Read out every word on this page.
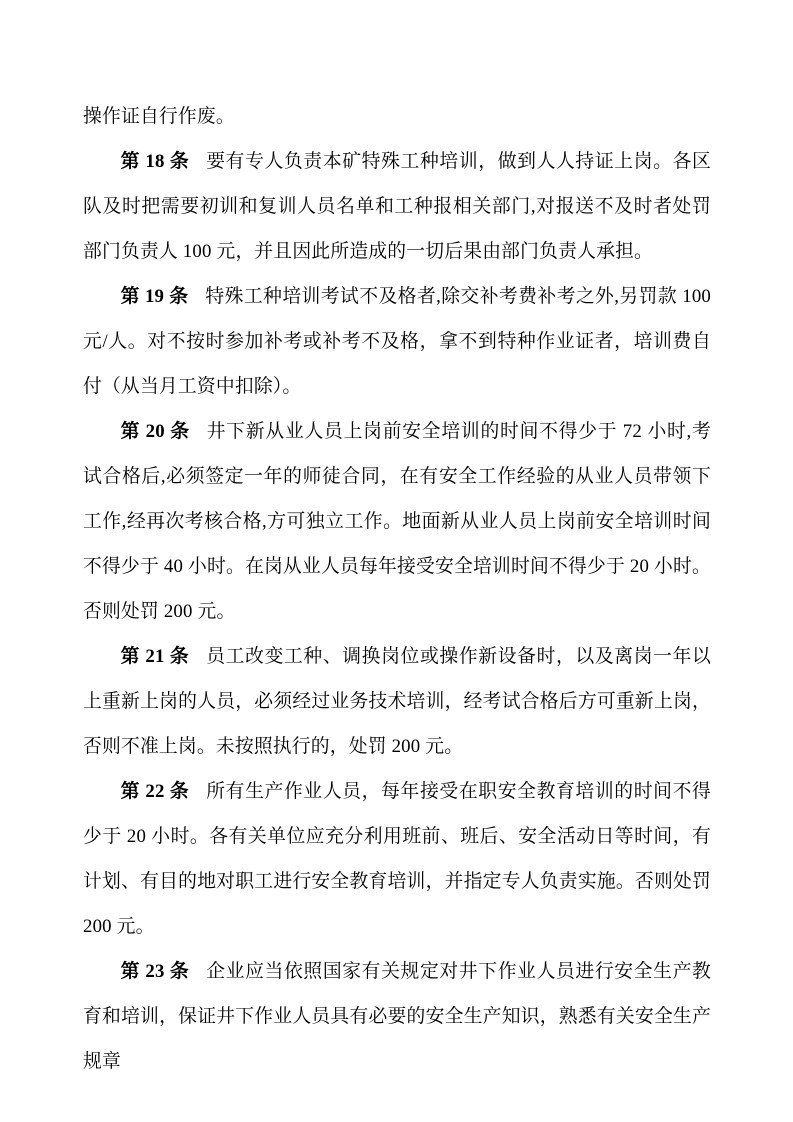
操作证自行作废。

第 18 条 要有专人负责本矿特殊工种培训，做到人人持证上岗。各区队及时把需要初训和复训人员名单和工种报相关部门,对报送不及时者处罚部门负责人 100 元，并且因此所造成的一切后果由部门负责人承担。

第 19 条 特殊工种培训考试不及格者,除交补考费补考之外,另罚款 100 元/人。对不按时参加补考或补考不及格，拿不到特种作业证者，培训费自付（从当月工资中扣除）。

第 20 条 井下新从业人员上岗前安全培训的时间不得少于 72 小时,考试合格后,必须签定一年的师徒合同，在有安全工作经验的从业人员带领下工作,经再次考核合格,方可独立工作。地面新从业人员上岗前安全培训时间不得少于 40 小时。在岗从业人员每年接受安全培训时间不得少于 20 小时。否则处罚 200 元。

第 21 条 员工改变工种、调换岗位或操作新设备时，以及离岗一年以上重新上岗的人员，必须经过业务技术培训，经考试合格后方可重新上岗，否则不准上岗。未按照执行的，处罚 200 元。

第 22 条 所有生产作业人员，每年接受在职安全教育培训的时间不得少于 20 小时。各有关单位应充分利用班前、班后、安全活动日等时间，有计划、有目的地对职工进行安全教育培训，并指定专人负责实施。否则处罚 200 元。

第 23 条 企业应当依照国家有关规定对井下作业人员进行安全生产教育和培训，保证井下作业人员具有必要的安全生产知识，熟悉有关安全生产规章
